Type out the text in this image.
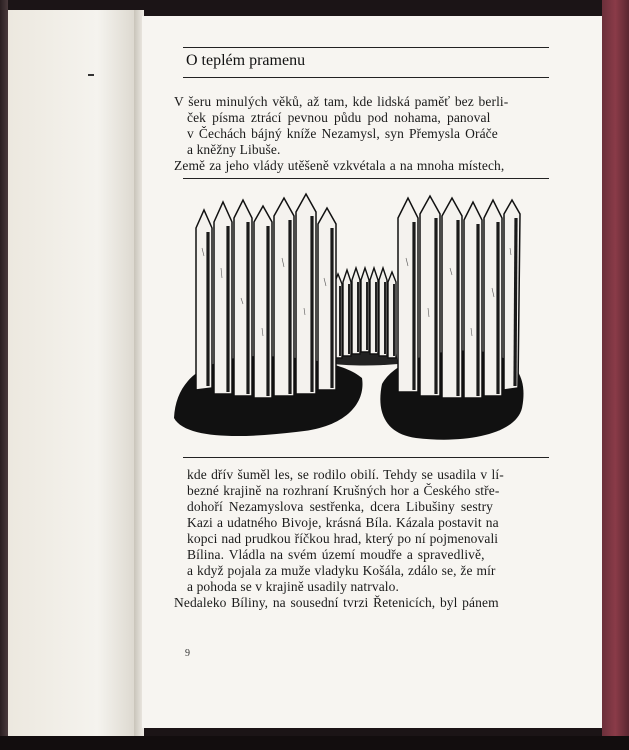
O teplém pramenu
V šeru minulých věků, až tam, kde lidská paměť bez berli-
ček písma ztrácí pevnou půdu pod nohama, panoval
v Čechách bájný kníže Nezamysl, syn Přemysla Oráče
a kněžny Libuše.
Země za jeho vlády utěšeně vzkvétala a na mnoha místech,
kde dřív šuměl les, se rodilo obilí. Tehdy se usadila v lí-
bezné krajině na rozhraní Krušných hor a Českého stře-
dohoří Nezamyslova sestřenka, dcera Libušiny sestry
Kazi a udatného Bivoje, krásná Bíla. Kázala postavit na
kopci nad prudkou říčkou hrad, který po ní pojmenovali
Bílina. Vládla na svém území moudře a spravedlivě,
a když pojala za muže vladyku Košála, zdálo se, že mír
a pohoda se v krajině usadily natrvalo.
Nedaleko Bíliny, na sousední tvrzi Řetenicích, byl pánem
9
